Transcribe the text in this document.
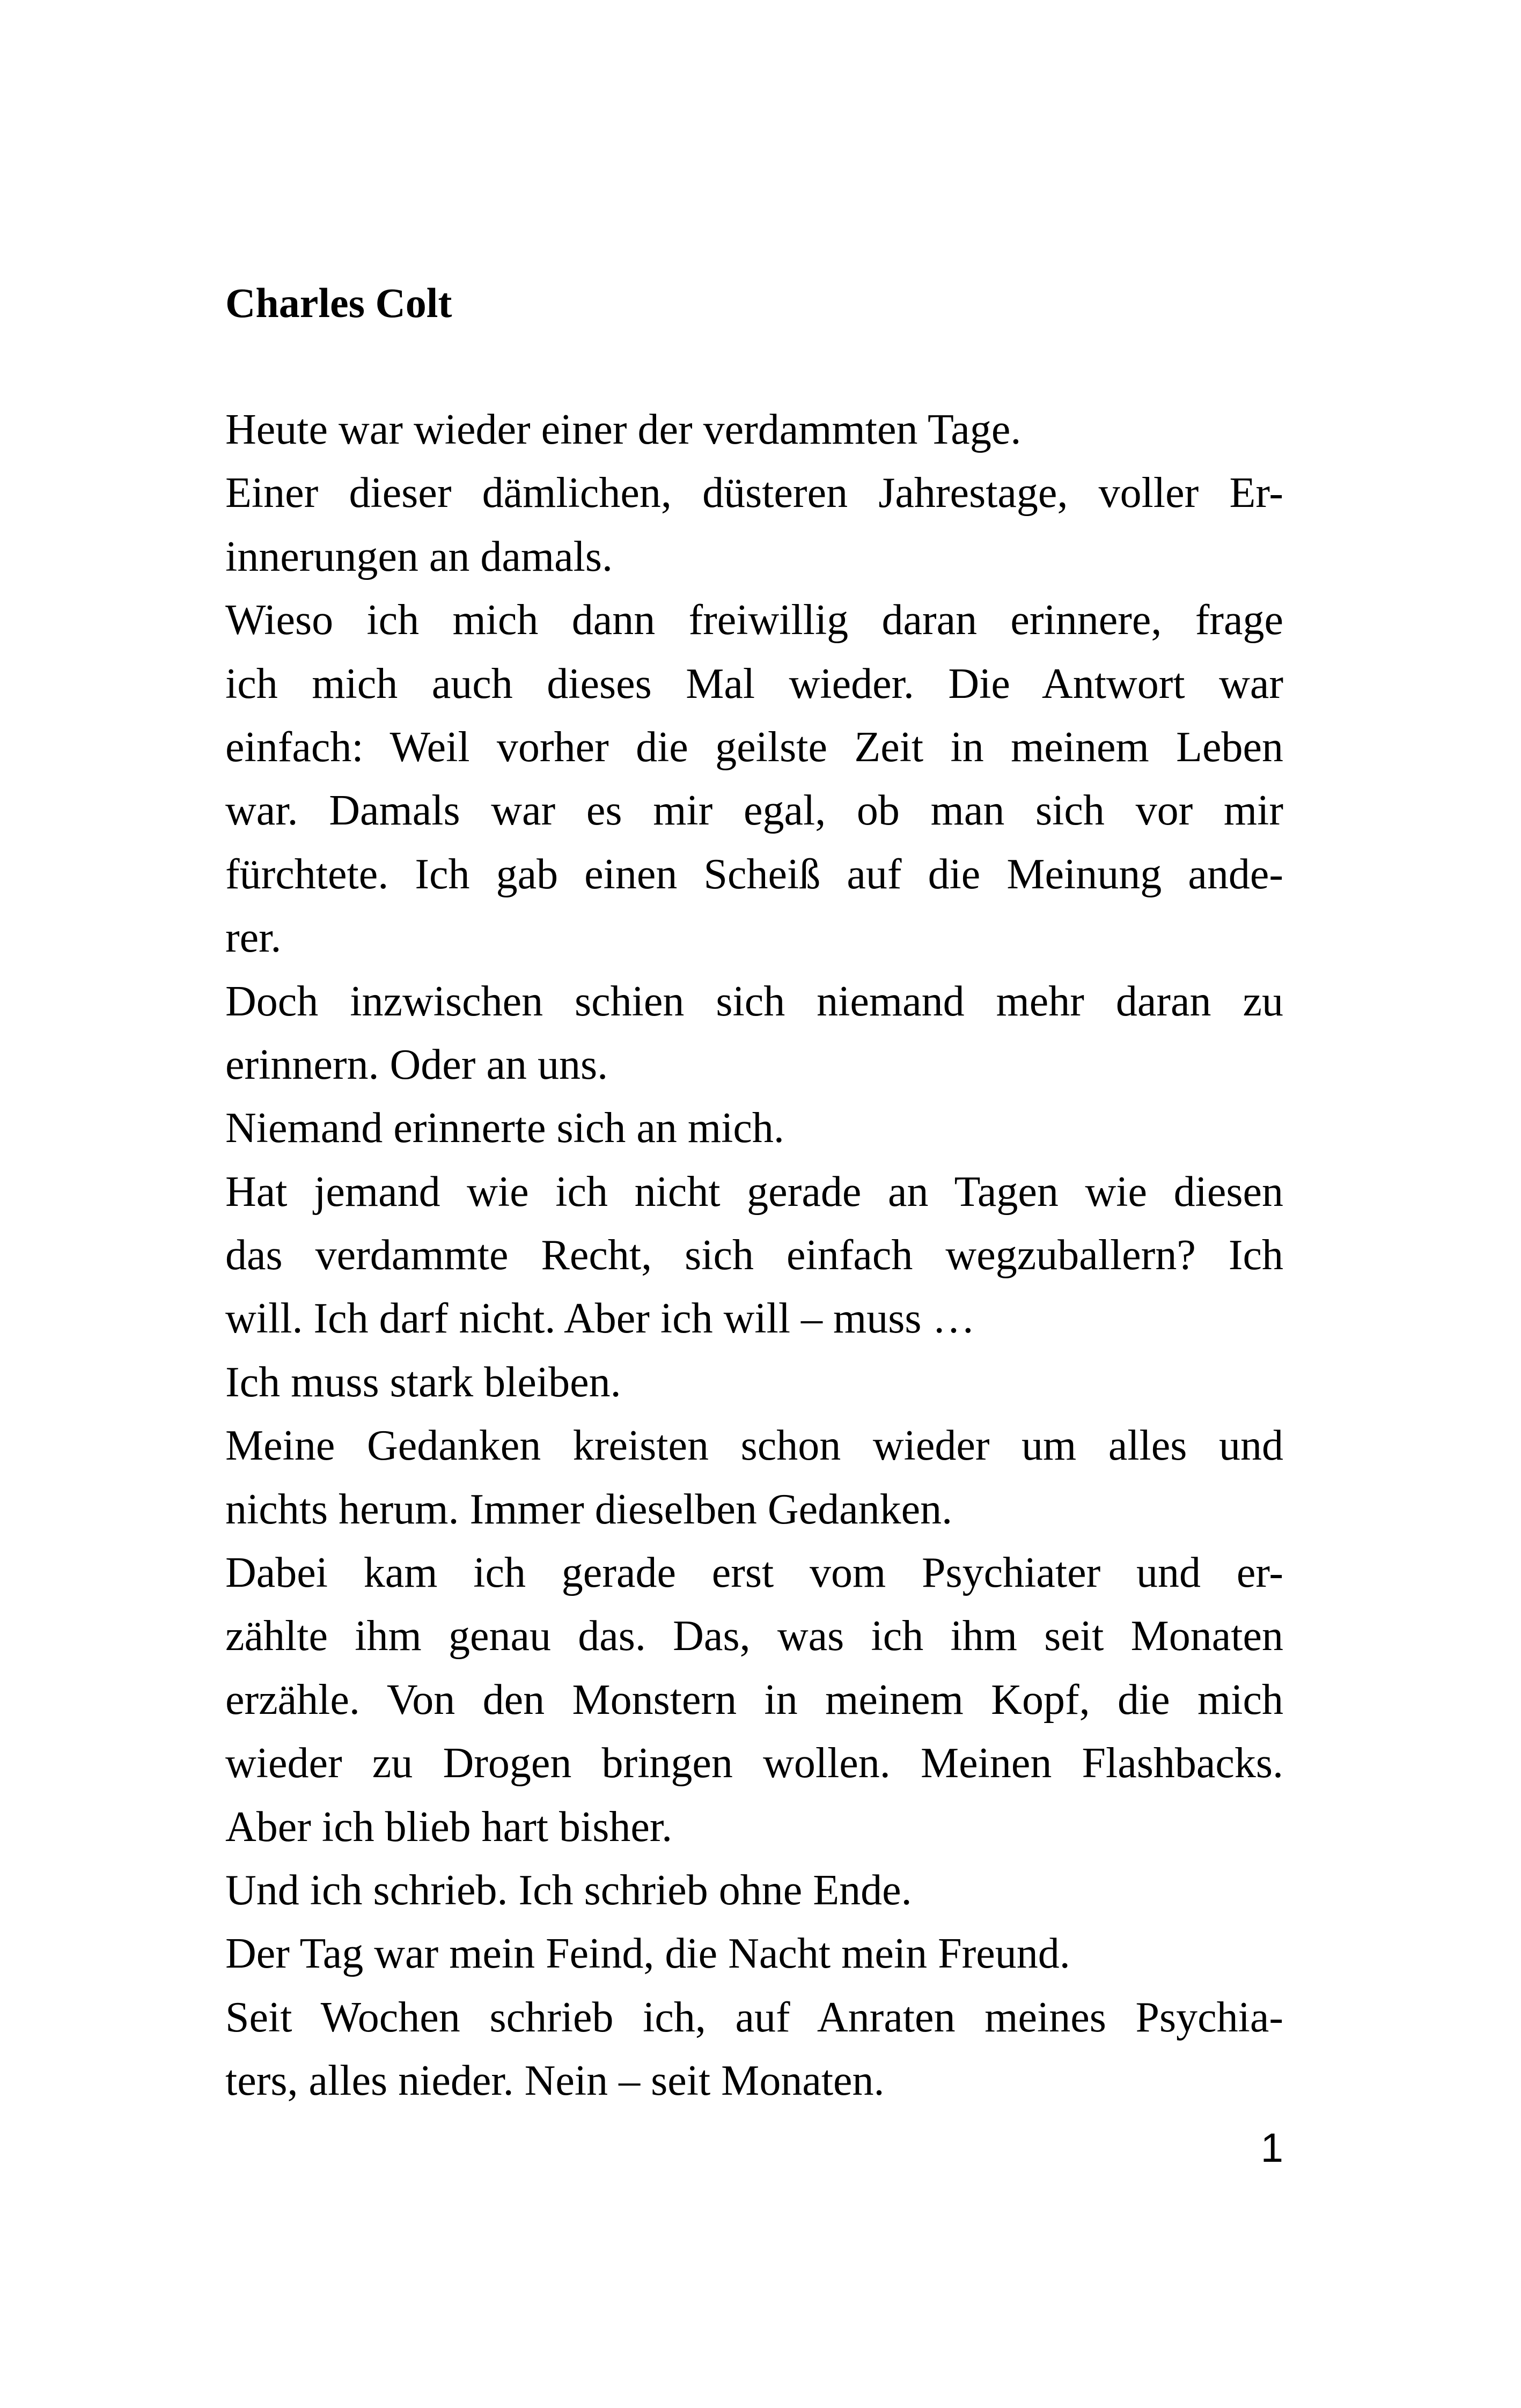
Charles Colt
Heute war wieder einer der verdammten Tage.
Einer dieser dämlichen, düsteren Jahrestage, voller Er-
innerungen an damals.
Wieso ich mich dann freiwillig daran erinnere, frage
ich mich auch dieses Mal wieder. Die Antwort war
einfach: Weil vorher die geilste Zeit in meinem Leben
war. Damals war es mir egal, ob man sich vor mir
fürchtete. Ich gab einen Scheiß auf die Meinung ande-
rer.
Doch inzwischen schien sich niemand mehr daran zu
erinnern. Oder an uns.
Niemand erinnerte sich an mich.
Hat jemand wie ich nicht gerade an Tagen wie diesen
das verdammte Recht, sich einfach wegzuballern? Ich
will. Ich darf nicht. Aber ich will – muss …
Ich muss stark bleiben.
Meine Gedanken kreisten schon wieder um alles und
nichts herum. Immer dieselben Gedanken.
Dabei kam ich gerade erst vom Psychiater und er-
zählte ihm genau das. Das, was ich ihm seit Monaten
erzähle. Von den Monstern in meinem Kopf, die mich
wieder zu Drogen bringen wollen. Meinen Flashbacks.
Aber ich blieb hart bisher.
Und ich schrieb. Ich schrieb ohne Ende.
Der Tag war mein Feind, die Nacht mein Freund.
Seit Wochen schrieb ich, auf Anraten meines Psychia-
ters, alles nieder. Nein – seit Monaten.
1
